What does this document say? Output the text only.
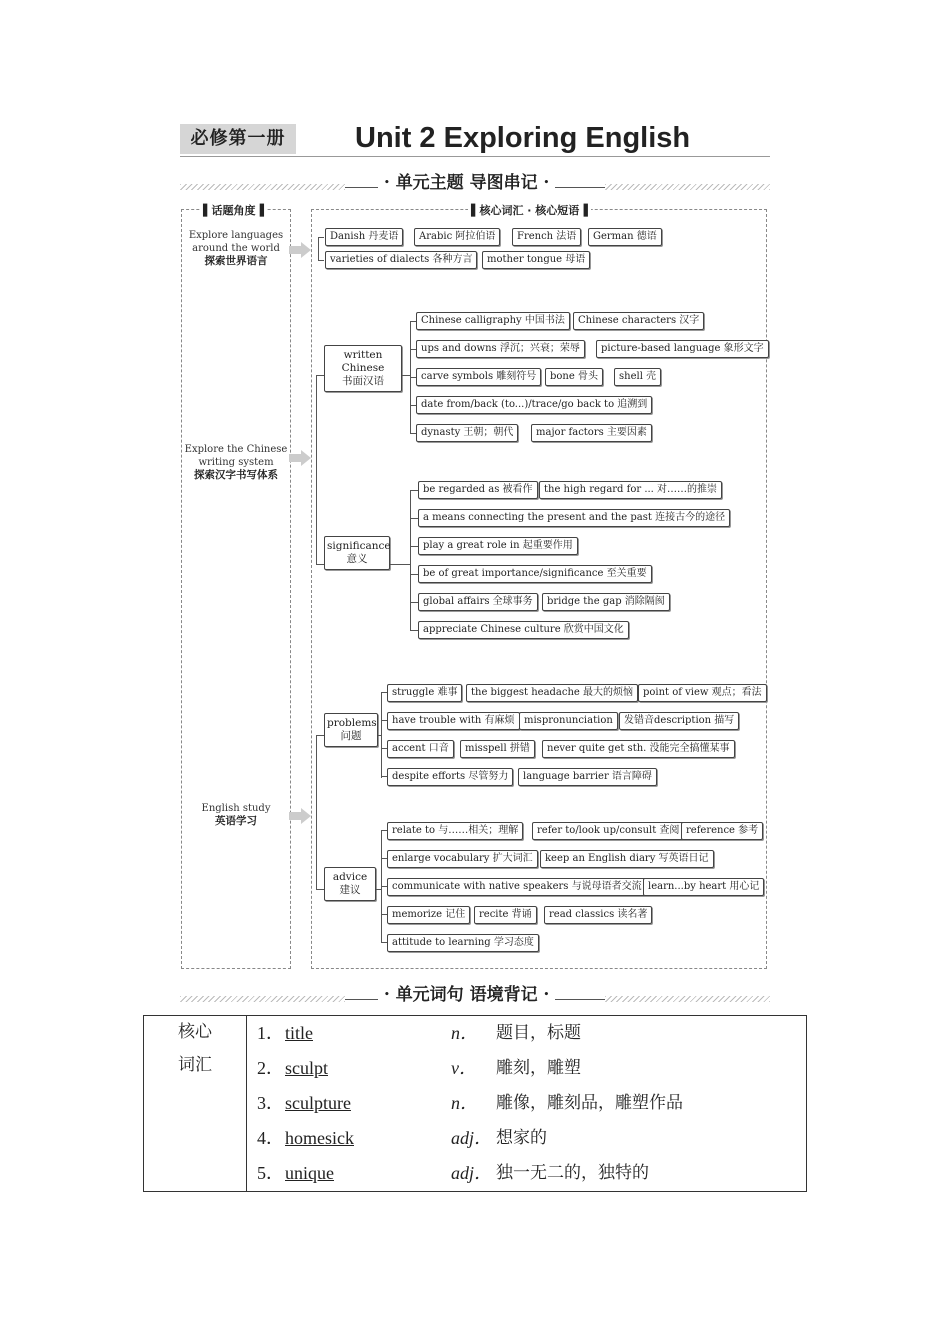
必修第一册	Unit 2 Exploring English
• 单元主题 导图串记 •
▌话题角度▐	▌核心词汇 · 核心短语▐
Explore languages
around the world
探索世界语言
Explore the Chinese
writing system
探索汉字书写体系
English study
英语学习
Danish 丹麦语	Arabic 阿拉伯语	French 法语	German 德语
varieties of dialects 各种方言	mother tongue 母语
written Chinese
书面汉语
Chinese calligraphy 中国书法	Chinese characters 汉字
ups and downs 浮沉；兴衰；荣辱	picture-based language 象形文字
carve symbols 雕刻符号	bone 骨头	shell 壳
date from/back (to...)/trace/go back to 追溯到
dynasty 王朝；朝代	major factors 主要因素
significance
意义
be regarded as 被看作	the high regard for ... 对……的推崇
a means connecting the present and the past 连接古今的途径
play a great role in 起重要作用
be of great importance/significance 至关重要
global affairs 全球事务	bridge the gap 消除隔阂
appreciate Chinese culture 欣赏中国文化
problems
问题
struggle 难事	the biggest headache 最大的烦恼 point of view 观点；看法
have trouble with 有麻烦 mispronunciation	发错音description 描写
accent 口音	misspell 拼错	never quite get sth. 没能完全搞懂某事
despite efforts 尽管努力	language barrier 语言障碍
advice
建议
relate to 与……相关；理解	refer to/look up/consult 查阅 reference 参考
enlarge vocabulary 扩大词汇	keep an English diary 写英语日记
communicate with native speakers 与说母语者交流 learn...by heart 用心记
memorize 记住	recite 背诵	read classics 读名著
attitude to learning 学习态度
• 单元词句 语境背记 •
核心
词汇

1． title	n． 题目，标题
2． sculpt	v． 雕刻，雕塑
3． sculpture	n． 雕像，雕刻品，雕塑作品
4． homesick	adj． 想家的
5． unique	adj． 独一无二的，独特的
